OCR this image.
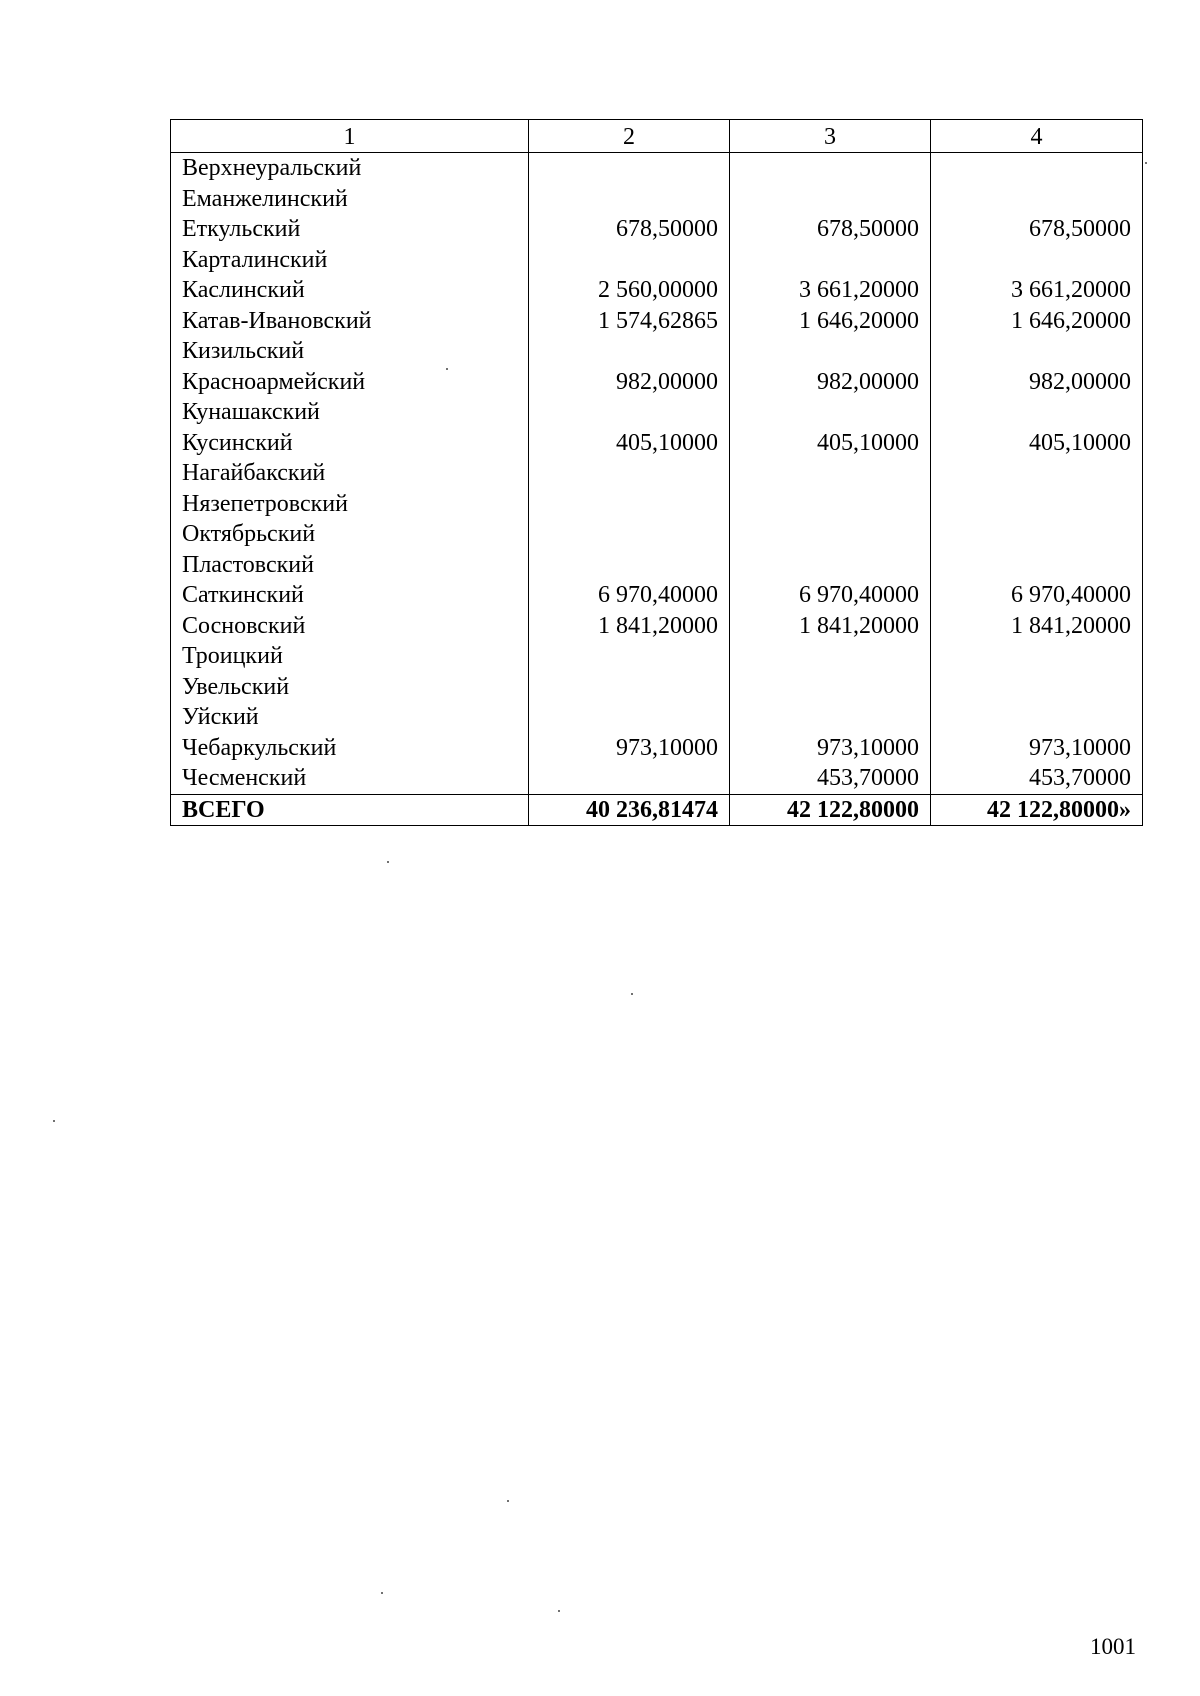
1	2	3	4
Верхнеуральский			
Еманжелинский			
Еткульский	678,50000	678,50000	678,50000
Карталинский			
Каслинский	2 560,00000	3 661,20000	3 661,20000
Катав-Ивановский	1 574,62865	1 646,20000	1 646,20000
Кизильский			
Красноармейский	982,00000	982,00000	982,00000
Кунашакский			
Кусинский	405,10000	405,10000	405,10000
Нагайбакский			
Нязепетровский			
Октябрьский			
Пластовский			
Саткинский	6 970,40000	6 970,40000	6 970,40000
Сосновский	1 841,20000	1 841,20000	1 841,20000
Троицкий			
Увельский			
Уйский			
Чебаркульский	973,10000	973,10000	973,10000
Чесменский		453,70000	453,70000
ВСЕГО	40 236,81474	42 122,80000	42 122,80000»
1001
